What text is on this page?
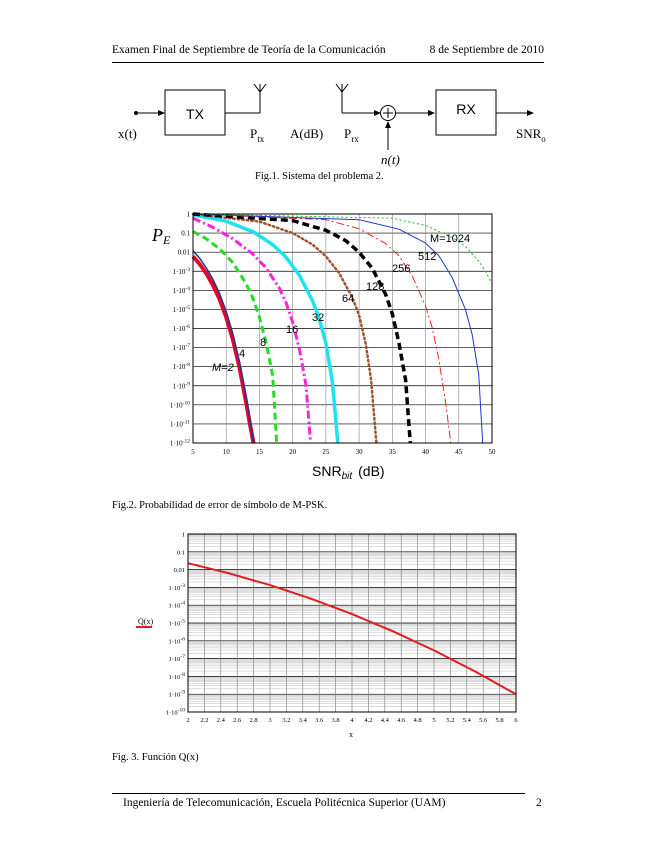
Examen Final de Septiembre de Teoría de la Comunicación	8 de Septiembre de 2010
TX	RX
x(t)	$P_{tx}$ A(dB) $P_{rx}$
n(t)
$SNR_o$
Fig.1. Sistema del problema 2.
1
0.1
0.01
$1\cdot 10^{-3}$
$1\cdot 10^{-4}$
$1\cdot 10^{-5}$
$1\cdot 10^{-6}$
$1\cdot 10^{-7}$
$1\cdot 10^{-8}$
$1\cdot 10^{-9}$
$1\cdot 10^{-10}$
$1\cdot 10^{-11}$
$1\cdot 10^{-12}$
5	10	15	20	25	30	35	40	45	50
M=2
4
8
16
32
64
128
256
512
M=1024
PE
$SNR_{bit}$ (dB)
Fig.2. Probabilidad de error de símbolo de M-PSK.
1
0.1
0.01
$1\cdot 10^{-3}$
$1\cdot 10^{-4}$
$1\cdot 10^{-5}$
$1\cdot 10^{-6}$
$1\cdot 10^{-7}$
$1\cdot 10^{-8}$
$1\cdot 10^{-9}$
$1\cdot 10^{-10}$
2 2.2 2.4 2.6 2.8 3 3.2 3.4 3.6 3.8 4 4.2 4.4 4.6 4.8 5 5.2 5.4 5.6 5.8 6
Q(x)
x
Fig. 3. Función Q(x)
Ingeniería de Telecomunicación, Escuela Politécnica Superior (UAM)	2
